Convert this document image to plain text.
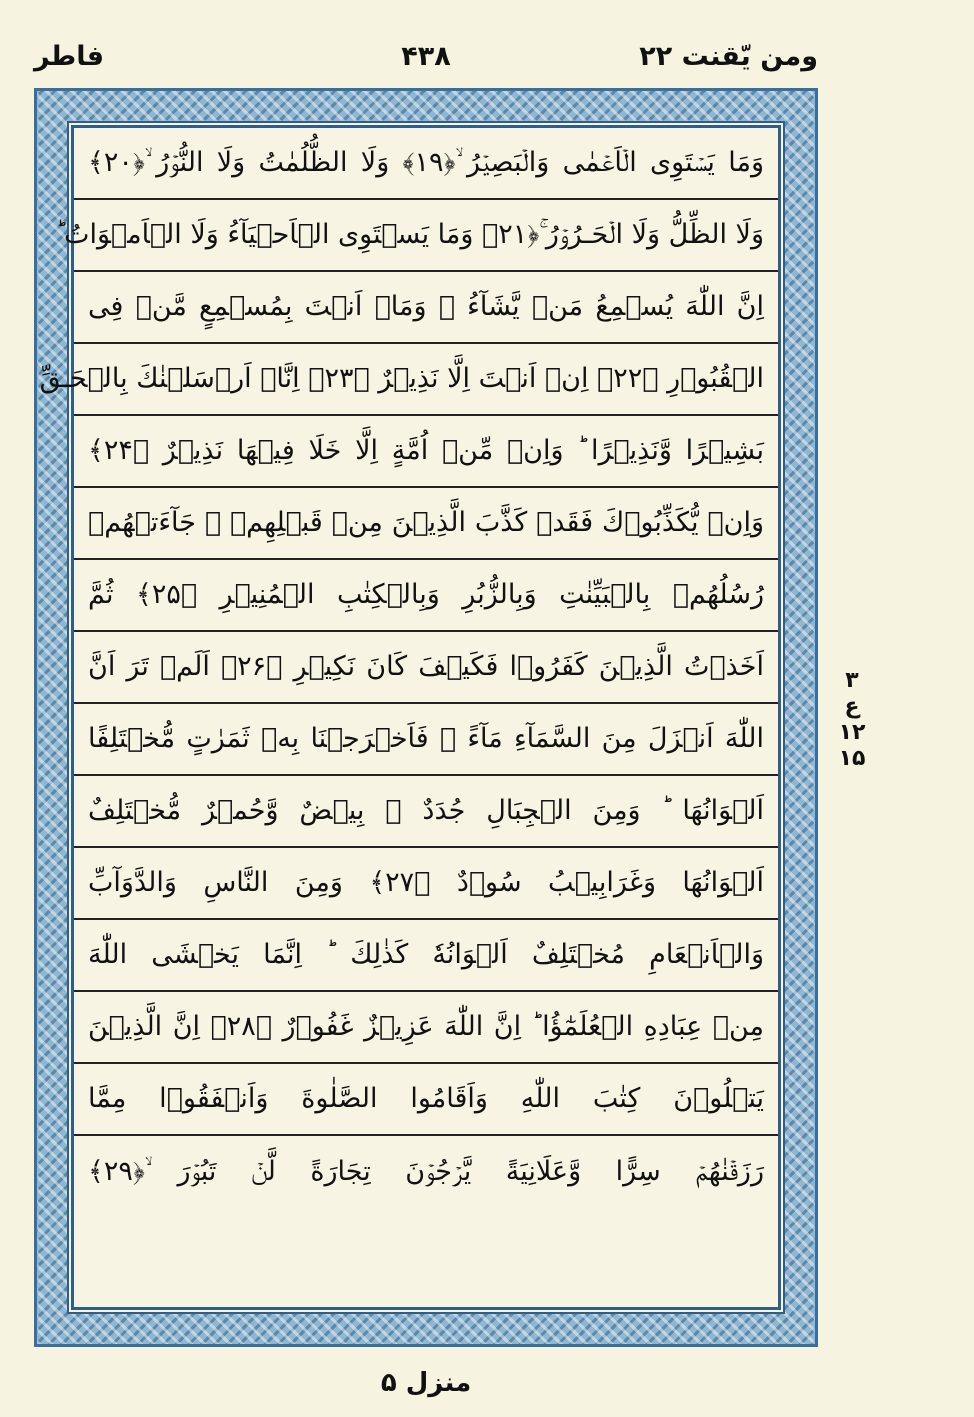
ومن يّقنت ٢٢
۴۳۸
فاطر
وَمَا يَسۡتَوِى الۡاَعۡمٰى وَالۡبَصِيۡرُ ۙ﴿۱۹﴾ وَلَا الظُّلُمٰتُ وَلَا النُّوۡرُ ۙ﴿۲۰﴾
وَلَا الظِّلُّ وَلَا الۡحَـرُوۡرُ ۚ﴿۲۱﴾ وَمَا يَسۡتَوِى الۡاَحۡيَآءُ وَلَا الۡاَمۡوَاتُ ؕ
اِنَّ اللّٰهَ يُسۡمِعُ مَنۡ يَّشَآءُ ۚ وَمَاۤ اَنۡتَ بِمُسۡمِعٍ مَّنۡ فِى
الۡقُبُوۡرِ ﴿۲۲﴾ اِنۡ اَنۡتَ اِلَّا نَذِيۡرٌ ﴿۲۳﴾ اِنَّاۤ اَرۡسَلۡنٰكَ بِالۡحَـقِّ
بَشِيۡرًا وَّنَذِيۡرًا ؕ وَاِنۡ مِّنۡ اُمَّةٍ اِلَّا خَلَا فِيۡهَا نَذِيۡرٌ ﴿۲۴﴾
وَاِنۡ يُّكَذِّبُوۡكَ فَقَدۡ كَذَّبَ الَّذِيۡنَ مِنۡ قَبۡلِهِمۡ ۚ جَآءَتۡهُمۡ
رُسُلُهُمۡ بِالۡبَيِّنٰتِ وَبِالزُّبُرِ وَبِالۡكِتٰبِ الۡمُنِيۡرِ ﴿۲۵﴾ ثُمَّ
اَخَذۡتُ الَّذِيۡنَ كَفَرُوۡا فَكَيۡفَ كَانَ نَكِيۡرِ ﴿۲۶﴾ اَلَمۡ تَرَ اَنَّ
اللّٰهَ اَنۡزَلَ مِنَ السَّمَآءِ مَآءً ۚ فَاَخۡرَجۡنَا بِهٖ ثَمَرٰتٍ مُّخۡتَلِفًا
اَلۡوَانُهَا ؕ وَمِنَ الۡجِبَالِ جُدَدٌ ۢ بِيۡضٌ وَّحُمۡرٌ مُّخۡتَلِفٌ
اَلۡوَانُهَا وَغَرَابِيۡبُ سُوۡدٌ ﴿۲۷﴾ وَمِنَ النَّاسِ وَالدَّوَآبِّ
وَالۡاَنۡعَامِ مُخۡتَلِفٌ اَلۡوَانُهٗ كَذٰلِكَ ؕ اِنَّمَا يَخۡشَى اللّٰهَ
مِنۡ عِبَادِهِ الۡعُلَمٰٓؤُا ؕ اِنَّ اللّٰهَ عَزِيۡزٌ غَفُوۡرٌ ﴿۲۸﴾ اِنَّ الَّذِيۡنَ
يَتۡلُوۡنَ كِتٰبَ اللّٰهِ وَاَقَامُوا الصَّلٰوةَ وَاَنۡفَقُوۡا مِمَّا
رَزَقۡنٰهُمۡ سِرًّا وَّعَلَانِيَةً يَّرۡجُوۡنَ تِجَارَةً لَّنۡ تَبُوۡرَ ۙ﴿۲۹﴾
۳
ع ۱۲
۱۵
منزل ۵
